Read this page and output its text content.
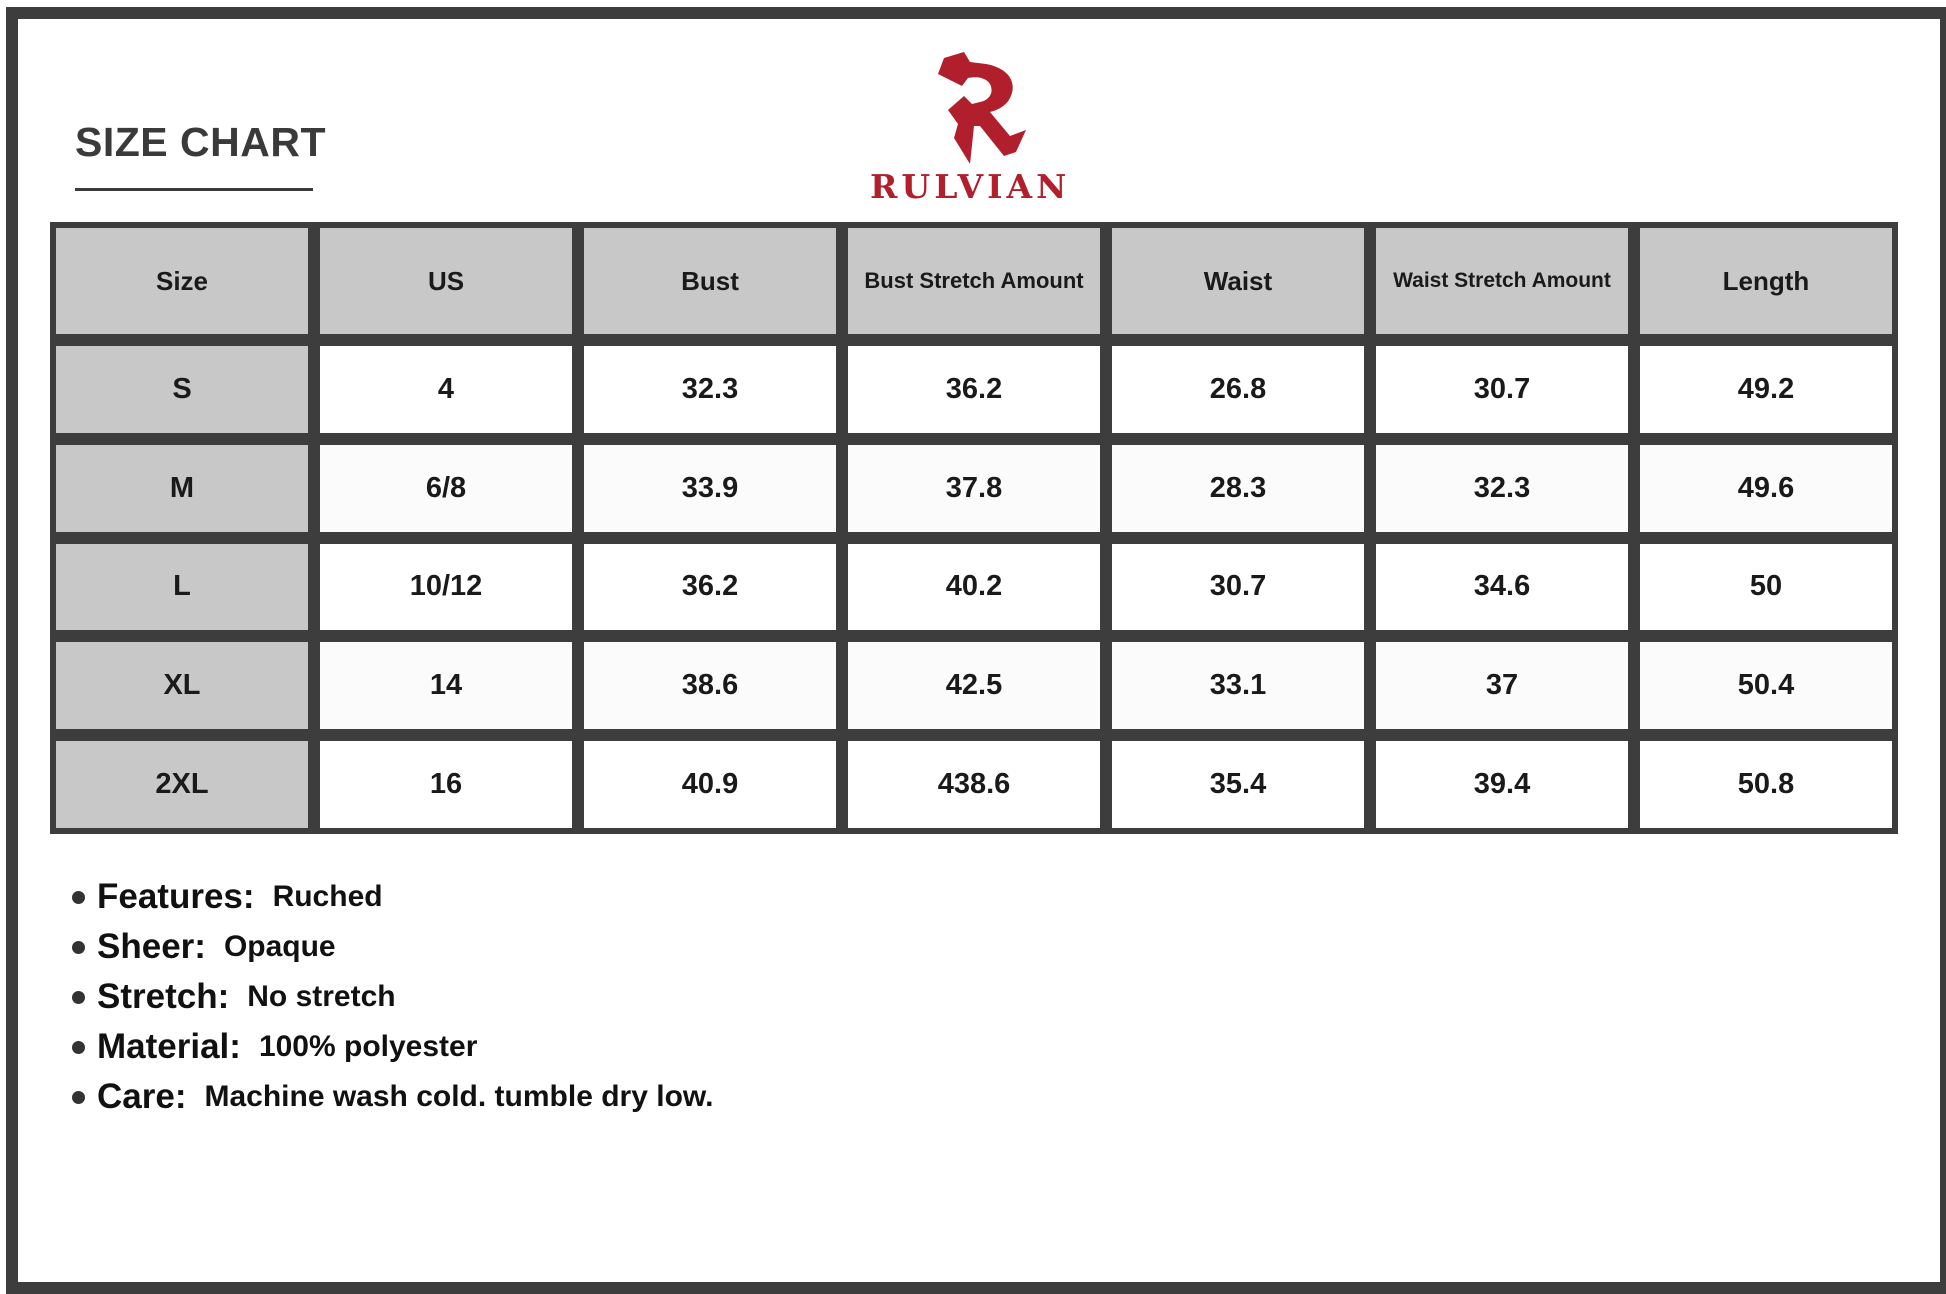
SIZE CHART
RULVIAN
Size	US	Bust	Bust Stretch Amount	Waist	Waist Stretch Amount	Length
S	4	32.3	36.2	26.8	30.7	49.2
M	6/8	33.9	37.8	28.3	32.3	49.6
L	10/12	36.2	40.2	30.7	34.6	50
XL	14	38.6	42.5	33.1	37	50.4
2XL	16	40.9	438.6	35.4	39.4	50.8
Features: Ruched
Sheer: Opaque
Stretch: No stretch
Material: 100% polyester
Care: Machine wash cold. tumble dry low.
